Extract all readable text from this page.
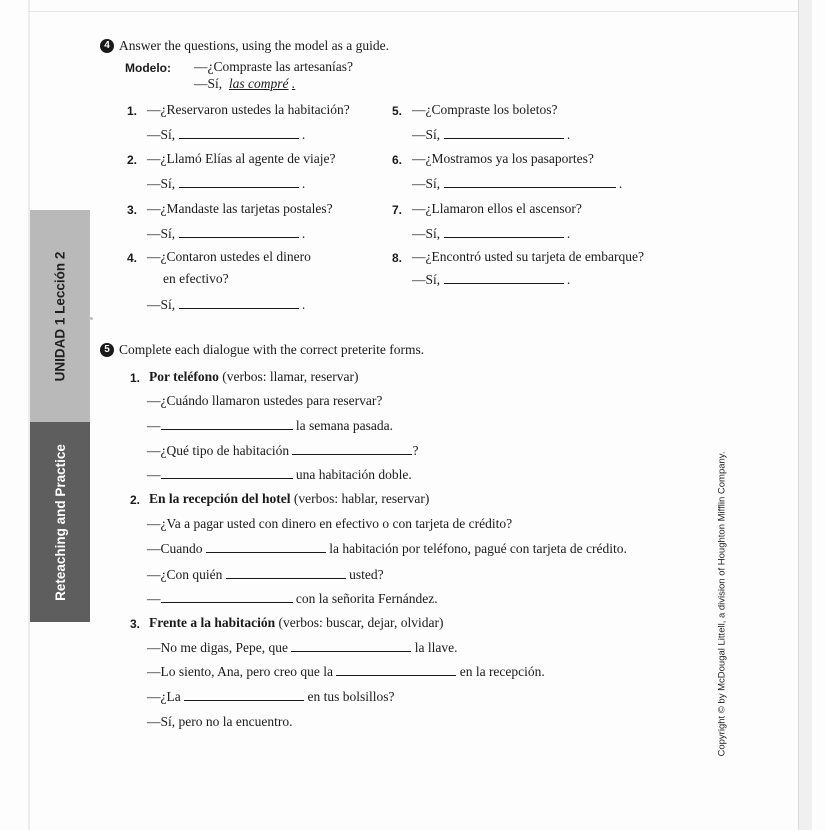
UNIDAD 1 Lección 2
Reteaching and Practice	Copyright © by McDougal Littell, a division of Houghton Mifflin Company.
4 Answer the questions, using the model as a guide.
Modelo: —¿Compraste las artesanías?
—Sí, las compré .
1. —¿Reservaron ustedes la habitación?
—Sí,	.
2. —¿Llamó Elías al agente de viaje?
—Sí,	.
3. —¿Mandaste las tarjetas postales?
—Sí,	.
4. —¿Contaron ustedes el dinero
en efectivo?
—Sí,	.
5. —¿Compraste los boletos?
—Sí,	.
6. —¿Mostramos ya los pasaportes?
—Sí,	.
7. —¿Llamaron ellos el ascensor?
—Sí,	.
8. —¿Encontró usted su tarjeta de embarque?
—Sí,	.
5 Complete each dialogue with the correct preterite forms.
1. Por teléfono (verbos: llamar, reservar)
—¿Cuándo llamaron ustedes para reservar?
—	la semana pasada.
—¿Qué tipo de habitación	?
—	una habitación doble.
2. En la recepción del hotel (verbos: hablar, reservar)
—¿Va a pagar usted con dinero en efectivo o con tarjeta de crédito?
—Cuando	la habitación por teléfono, pagué con tarjeta de crédito.
—¿Con quién	usted?
—	con la señorita Fernández.
3. Frente a la habitación (verbos: buscar, dejar, olvidar)
—No me digas, Pepe, que	la llave.
—Lo siento, Ana, pero creo que la	en la recepción.
—¿La	en tus bolsillos?
—Sí, pero no la encuentro.
